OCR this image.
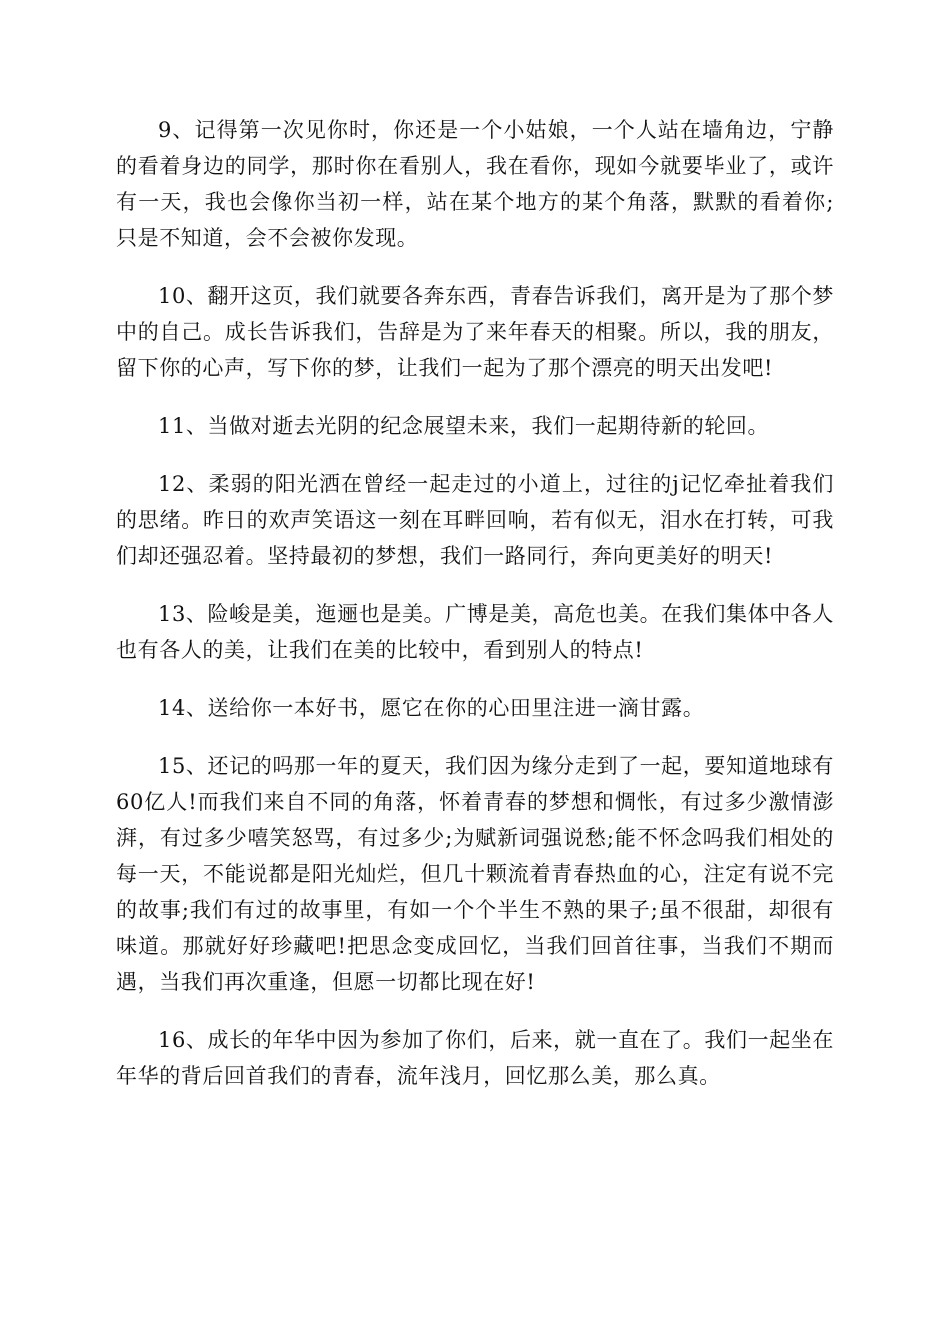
9、记得第一次见你时，你还是一个小姑娘，一个人站在墙角边，宁静的看着身边的同学，那时你在看别人，我在看你，现如今就要毕业了，或许有一天，我也会像你当初一样，站在某个地方的某个角落，默默的看着你;只是不知道，会不会被你发现。

10、翻开这页，我们就要各奔东西，青春告诉我们，离开是为了那个梦中的自己。成长告诉我们，告辞是为了来年春天的相聚。所以，我的朋友，留下你的心声，写下你的梦，让我们一起为了那个漂亮的明天出发吧!

11、当做对逝去光阴的纪念展望未来，我们一起期待新的轮回。

12、柔弱的阳光洒在曾经一起走过的小道上，过往的j记忆牵扯着我们的思绪。昨日的欢声笑语这一刻在耳畔回响，若有似无，泪水在打转，可我们却还强忍着。坚持最初的梦想，我们一路同行，奔向更美好的明天!

13、险峻是美，迤逦也是美。广博是美，高危也美。在我们集体中各人也有各人的美，让我们在美的比较中，看到别人的特点!

14、送给你一本好书，愿它在你的心田里注进一滴甘露。

15、还记的吗那一年的夏天，我们因为缘分走到了一起，要知道地球有60亿人!而我们来自不同的角落，怀着青春的梦想和惆怅，有过多少激情澎湃，有过多少嘻笑怒骂，有过多少;为赋新词强说愁;能不怀念吗我们相处的每一天，不能说都是阳光灿烂，但几十颗流着青春热血的心，注定有说不完的故事;我们有过的故事里，有如一个个半生不熟的果子;虽不很甜，却很有味道。那就好好珍藏吧!把思念变成回忆，当我们回首往事，当我们不期而遇，当我们再次重逢，但愿一切都比现在好!

16、成长的年华中因为参加了你们，后来，就一直在了。我们一起坐在年华的背后回首我们的青春，流年浅月，回忆那么美，那么真。
